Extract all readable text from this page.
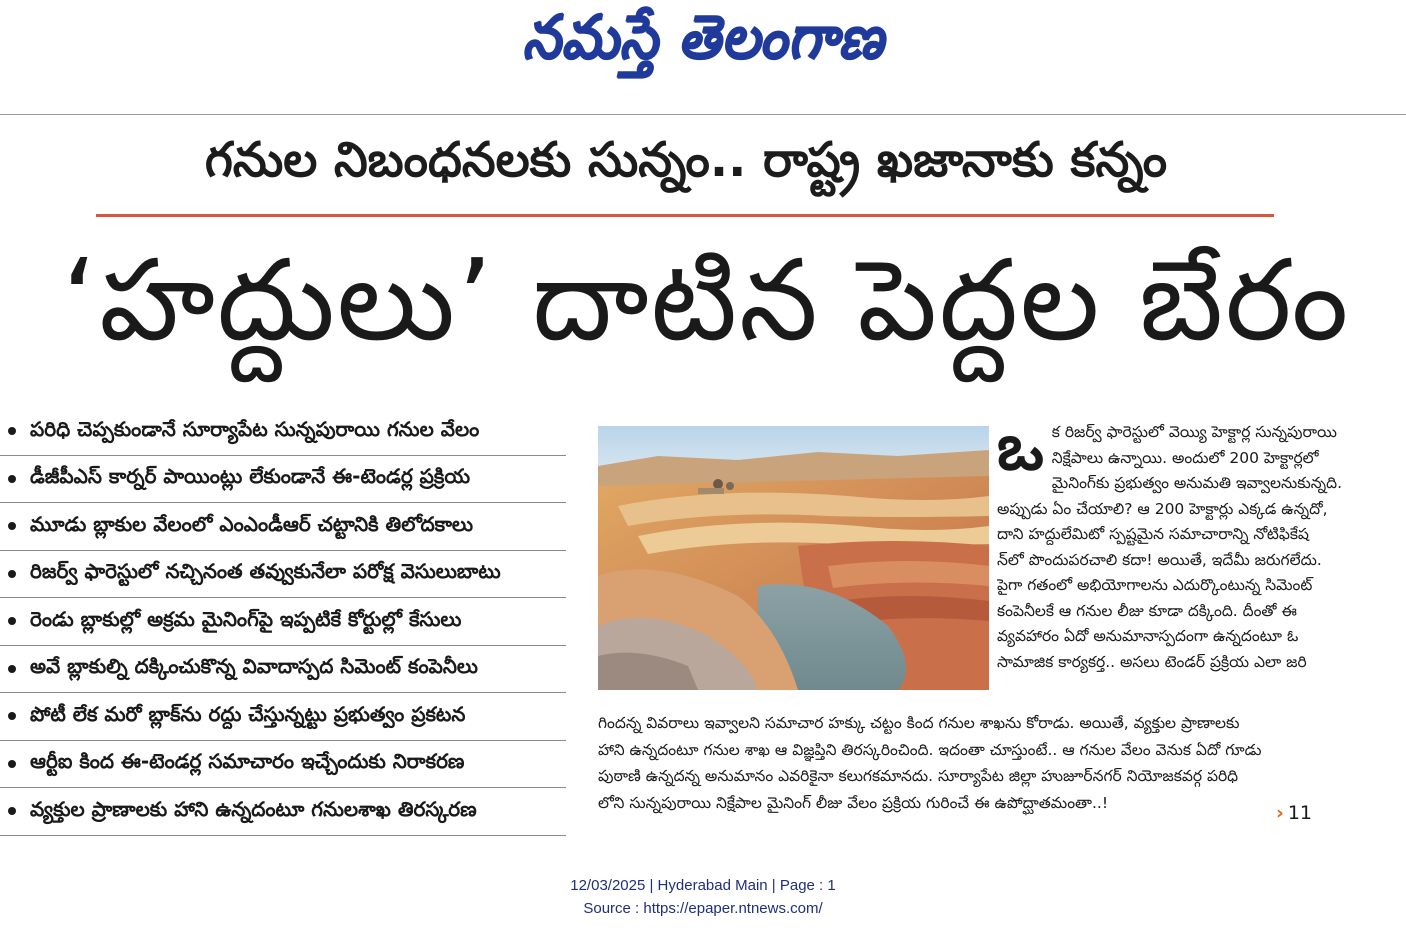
నమస్తే తెలంగాణ
గనుల నిబంధనలకు సున్నం.. రాష్ట్ర ఖజానాకు కన్నం
‘హద్దులు’ దాటిన పెద్దల బేరం
పరిధి చెప్పకుండానే సూర్యాపేట సున్నపురాయి గనుల వేలం
డీజీపీఎస్ కార్నర్ పాయింట్లు లేకుండానే ఈ-టెండర్ల ప్రక్రియ
మూడు బ్లాకుల వేలంలో ఎంఎండీఆర్ చట్టానికి తిలోదకాలు
రిజర్వ్ ఫారెస్టులో నచ్చినంత తవ్వుకునేలా పరోక్ష వెసులుబాటు
రెండు బ్లాకుల్లో అక్రమ మైనింగ్‌పై ఇప్పటికే కోర్టుల్లో కేసులు
అవే బ్లాకుల్ని దక్కించుకొన్న వివాదాస్పద సిమెంట్ కంపెనీలు
పోటీ లేక మరో బ్లాక్‌ను రద్దు చేస్తున్నట్టు ప్రభుత్వం ప్రకటన
ఆర్టీఐ కింద ఈ-టెండర్ల సమాచారం ఇచ్చేందుకు నిరాకరణ
వ్యక్తుల ప్రాణాలకు హాని ఉన్నదంటూ గనులశాఖ తిరస్కరణ
ఒ క రిజర్వ్ ఫారెస్టులో వెయ్యి హెక్టార్ల సున్నపురాయి
నిక్షేపాలు ఉన్నాయి. అందులో 200 హెక్టార్లలో
మైనింగ్‌కు ప్రభుత్వం అనుమతి ఇవ్వాలనుకున్నది.
అప్పుడు ఏం చేయాలి? ఆ 200 హెక్టార్లు ఎక్కడ ఉన్నదో,
దాని హద్దులేమిటో స్పష్టమైన సమాచారాన్ని నోటిఫికేష
న్‌లో పొందుపరచాలి కదా! అయితే, ఇదేమీ జరుగలేదు.
పైగా గతంలో అభియోగాలను ఎదుర్కొంటున్న సిమెంట్
కంపెనీలకే ఆ గనుల లీజు కూడా దక్కింది. దీంతో ఈ
వ్యవహారం ఏదో అనుమానాస్పదంగా ఉన్నదంటూ ఓ
సామాజిక కార్యకర్త.. అసలు టెండర్ ప్రక్రియ ఎలా జరి
గిందన్న వివరాలు ఇవ్వాలని సమాచార హక్కు చట్టం కింద గనుల శాఖను కోరాడు. అయితే, వ్యక్తుల ప్రాణాలకు
హాని ఉన్నదంటూ గనుల శాఖ ఆ విజ్ఞప్తిని తిరస్కరించింది. ఇదంతా చూస్తుంటే.. ఆ గనుల వేలం వెనుక ఏదో గూడు
పుఠాణి ఉన్నదన్న అనుమానం ఎవరికైనా కలుగకమానదు. సూర్యాపేట జిల్లా హుజూర్‌నగర్ నియోజకవర్గ పరిధి
లోని సున్నపురాయి నిక్షేపాల మైనింగ్ లీజు వేలం ప్రక్రియ గురించే ఈ ఉపోద్ఘాతమంతా..!	› 11
12/03/2025 | Hyderabad Main | Page : 1
Source : https://epaper.ntnews.com/
